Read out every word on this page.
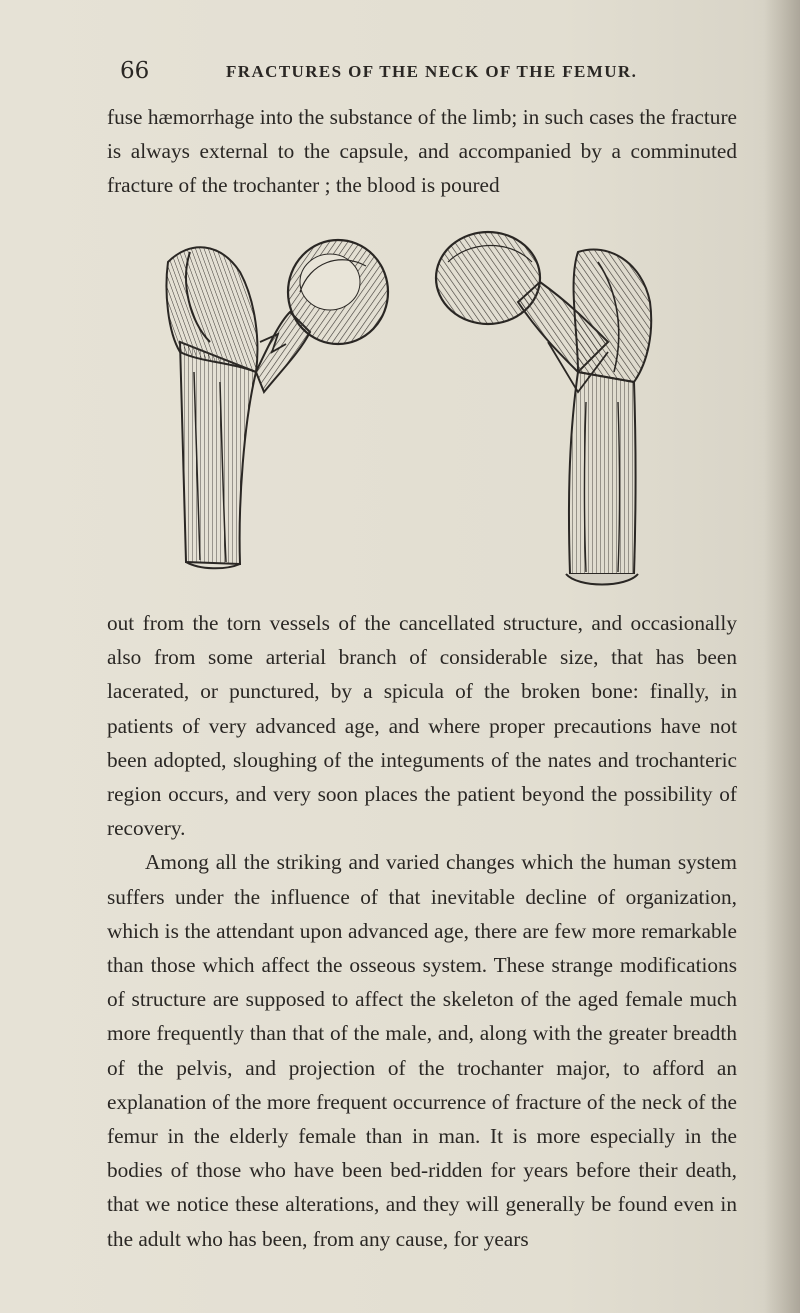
66	FRACTURES OF THE NECK OF THE FEMUR.

fuse hæmorrhage into the substance of the limb; in such cases the fracture is always external to the capsule, and accompanied by a comminuted fracture of the trochanter ; the blood is poured

out from the torn vessels of the cancellated structure, and occasionally also from some arterial branch of considerable size, that has been lacerated, or punctured, by a spicula of the broken bone: finally, in patients of very advanced age, and where proper precautions have not been adopted, sloughing of the integuments of the nates and trochanteric region occurs, and very soon places the patient beyond the possibility of recovery.

Among all the striking and varied changes which the human system suffers under the influence of that inevitable decline of organization, which is the attendant upon advanced age, there are few more remarkable than those which affect the osseous system. These strange modifications of structure are supposed to affect the skeleton of the aged female much more frequently than that of the male, and, along with the greater breadth of the pelvis, and projection of the trochanter major, to afford an explanation of the more frequent occurrence of fracture of the neck of the femur in the elderly female than in man. It is more especially in the bodies of those who have been bed-ridden for years before their death, that we notice these alterations, and they will generally be found even in the adult who has been, from any cause, for years
